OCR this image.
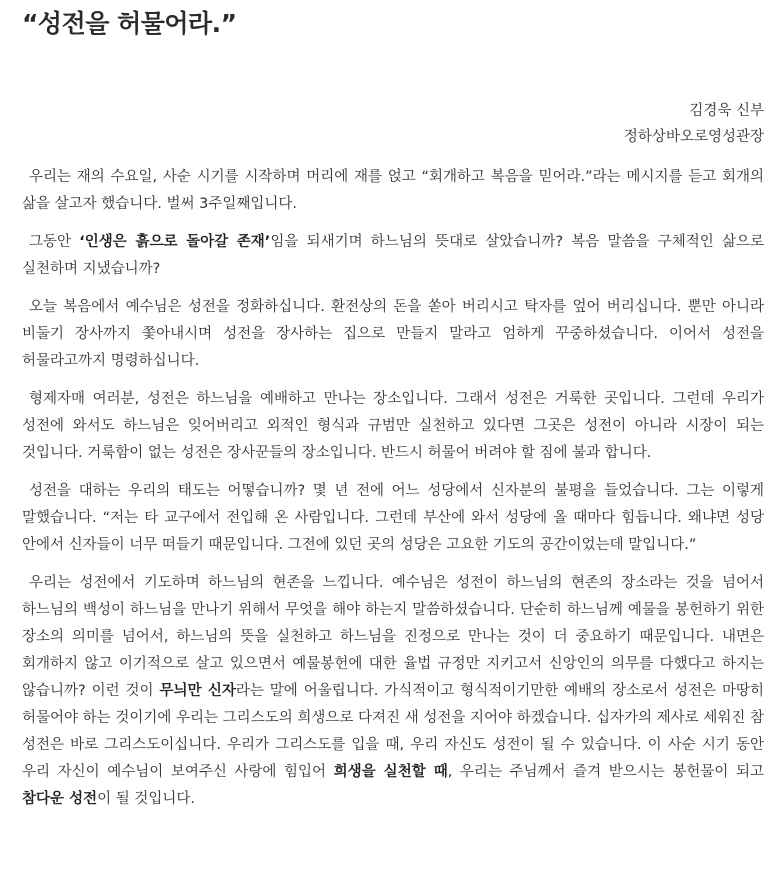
“성전을 허물어라.”
김경욱 신부
정하상바오로영성관장

우리는 재의 수요일, 사순 시기를 시작하며 머리에 재를 얹고 “회개하고 복음을 믿어라.”라는 메시지를 듣고 회개의 삶을 살고자 했습니다. 벌써 3주일째입니다.

그동안 ‘인생은 흙으로 돌아갈 존재’임을 되새기며 하느님의 뜻대로 살았습니까? 복음 말씀을 구체적인 삶으로 실천하며 지냈습니까?

오늘 복음에서 예수님은 성전을 정화하십니다. 환전상의 돈을 쏟아 버리시고 탁자를 엎어 버리십니다. 뿐만 아니라 비둘기 장사까지 쫓아내시며 성전을 장사하는 집으로 만들지 말라고 엄하게 꾸중하셨습니다. 이어서 성전을 허물라고까지 명령하십니다.

형제자매 여러분, 성전은 하느님을 예배하고 만나는 장소입니다. 그래서 성전은 거룩한 곳입니다. 그런데 우리가 성전에 와서도 하느님은 잊어버리고 외적인 형식과 규범만 실천하고 있다면 그곳은 성전이 아니라 시장이 되는 것입니다. 거룩함이 없는 성전은 장사꾼들의 장소입니다. 반드시 허물어 버려야 할 짐에 불과 합니다.

성전을 대하는 우리의 태도는 어떻습니까? 몇 년 전에 어느 성당에서 신자분의 불평을 들었습니다. 그는 이렇게 말했습니다. “저는 타 교구에서 전입해 온 사람입니다. 그런데 부산에 와서 성당에 올 때마다 힘듭니다. 왜냐면 성당 안에서 신자들이 너무 떠들기 때문입니다. 그전에 있던 곳의 성당은 고요한 기도의 공간이었는데 말입니다.”

우리는 성전에서 기도하며 하느님의 현존을 느낍니다. 예수님은 성전이 하느님의 현존의 장소라는 것을 넘어서 하느님의 백성이 하느님을 만나기 위해서 무엇을 해야 하는지 말씀하셨습니다. 단순히 하느님께 예물을 봉헌하기 위한 장소의 의미를 넘어서, 하느님의 뜻을 실천하고 하느님을 진정으로 만나는 것이 더 중요하기 때문입니다. 내면은 회개하지 않고 이기적으로 살고 있으면서 예물봉헌에 대한 율법 규정만 지키고서 신앙인의 의무를 다했다고 하지는 않습니까? 이런 것이 무늬만 신자라는 말에 어울립니다. 가식적이고 형식적이기만한 예배의 장소로서 성전은 마땅히 허물어야 하는 것이기에 우리는 그리스도의 희생으로 다져진 새 성전을 지어야 하겠습니다. 십자가의 제사로 세워진 참 성전은 바로 그리스도이십니다. 우리가 그리스도를 입을 때, 우리 자신도 성전이 될 수 있습니다. 이 사순 시기 동안 우리 자신이 예수님이 보여주신 사랑에 힘입어 희생을 실천할 때, 우리는 주님께서 즐겨 받으시는 봉헌물이 되고 참다운 성전이 될 것입니다.
